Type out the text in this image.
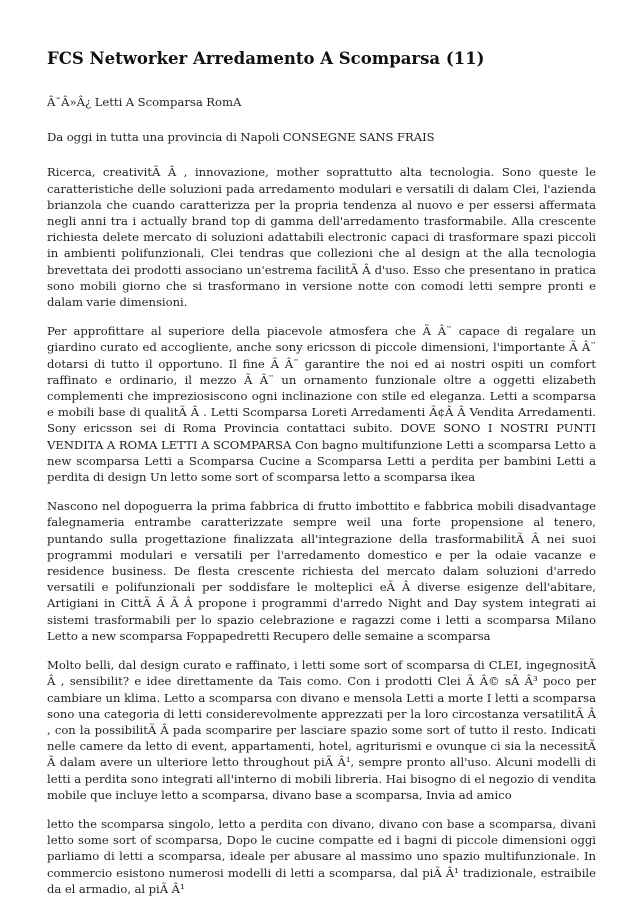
FCS Networker Arredamento A Scomparsa (11)

Â¯Â»Â¿ Letti A Scomparsa RomA

Da oggi in tutta una provincia di Napoli CONSEGNE SANS FRAIS

Ricerca, creativitÃ Â , innovazione, mother soprattutto alta tecnologia. Sono queste le caratteristiche delle soluzioni pada arredamento modulari e versatili di dalam Clei, l'azienda brianzola che cuando caratterizza per la propria tendenza al nuovo e per essersi affermata negli anni tra i actually brand top di gamma dell'arredamento trasformabile. Alla crescente richiesta delete mercato di soluzioni adattabili electronic capaci di trasformare spazi piccoli in ambienti polifunzionali, Clei tendras que collezioni che al design at the alla tecnologia brevettata dei prodotti associano un'estrema facilitÃ Â d'uso. Esso che presentano in pratica sono mobili giorno che si trasformano in versione notte con comodi letti sempre pronti e dalam varie dimensioni.

Per approfittare al superiore della piacevole atmosfera che Ã Â¨ capace di regalare un giardino curato ed accogliente, anche sony ericsson di piccole dimensioni, l'importante Ã Â¨ dotarsi di tutto il opportuno. Il fine Ã Â¨ garantire the noi ed ai nostri ospiti un comfort raffinato e ordinario, il mezzo Ã Â¨ un ornamento funzionale oltre a oggetti elizabeth complementi che impreziosiscono ogni inclinazione con stile ed eleganza. Letti a scomparsa e mobili base di qualitÃ Â . Letti Scomparsa Loreti Arredamenti Ã¢Â Â Vendita Arredamenti. Sony ericsson sei di Roma Provincia contattaci subito. DOVE SONO I NOSTRI PUNTI VENDITA A ROMA LETTI A SCOMPARSA Con bagno multifunzione Letti a scomparsa Letto a new scomparsa Letti a Scomparsa Cucine a Scomparsa Letti a perdita per bambini Letti a perdita di design Un letto some sort of scomparsa letto a scomparsa ikea

Nascono nel dopoguerra la prima fabbrica di frutto imbottito e fabbrica mobili disadvantage falegnameria entrambe caratterizzate sempre weil una forte propensione al tenero, puntando sulla progettazione finalizzata all'integrazione della trasformabilitÃ Â nei suoi programmi modulari e versatili per l'arredamento domestico e per la odaie vacanze e residence business. De flesta crescente richiesta del mercato dalam soluzioni d'arredo versatili e polifunzionali per soddisfare le molteplici eÃ Â diverse esigenze dell'abitare, Artigiani in CittÃ Â Ã Â propone i programmi d'arredo Night and Day system integrati ai sistemi trasformabili per lo spazio celebrazione e ragazzi come i letti a scomparsa Milano Letto a new scomparsa Foppapedretti Recupero delle semaine a scomparsa

Molto belli, dal design curato e raffinato, i letti some sort of scomparsa di CLEI, ingegnositÃ Â , sensibilit? e idee direttamente da Tais como. Con i prodotti Clei Ã Â© sÃ Â³ poco per cambiare un klima. Letto a scomparsa con divano e mensola Letti a morte I letti a scomparsa sono una categoria di letti considerevolmente apprezzati per la loro circostanza versatilitÃ Â , con la possibilitÃ Â pada scomparire per lasciare spazio some sort of tutto il resto. Indicati nelle camere da letto di event, appartamenti, hotel, agriturismi e ovunque ci sia la necessitÃ Â dalam avere un ulteriore letto throughout piÃ Â¹, sempre pronto all'uso. Alcuni modelli di letti a perdita sono integrati all'interno di mobili libreria. Hai bisogno di el negozio di vendita mobile que incluye letto a scomparsa, divano base a scomparsa, Invia ad amico

letto the scomparsa singolo, letto a perdita con divano, divano con base a scomparsa, divani letto some sort of scomparsa, Dopo le cucine compatte ed i bagni di piccole dimensioni oggi parliamo di letti a scomparsa, ideale per abusare al massimo uno spazio multifunzionale. In commercio esistono numerosi modelli di letti a scomparsa, dal piÃ Â¹ tradizionale, estraibile da el armadio, al piÃ Â¹
